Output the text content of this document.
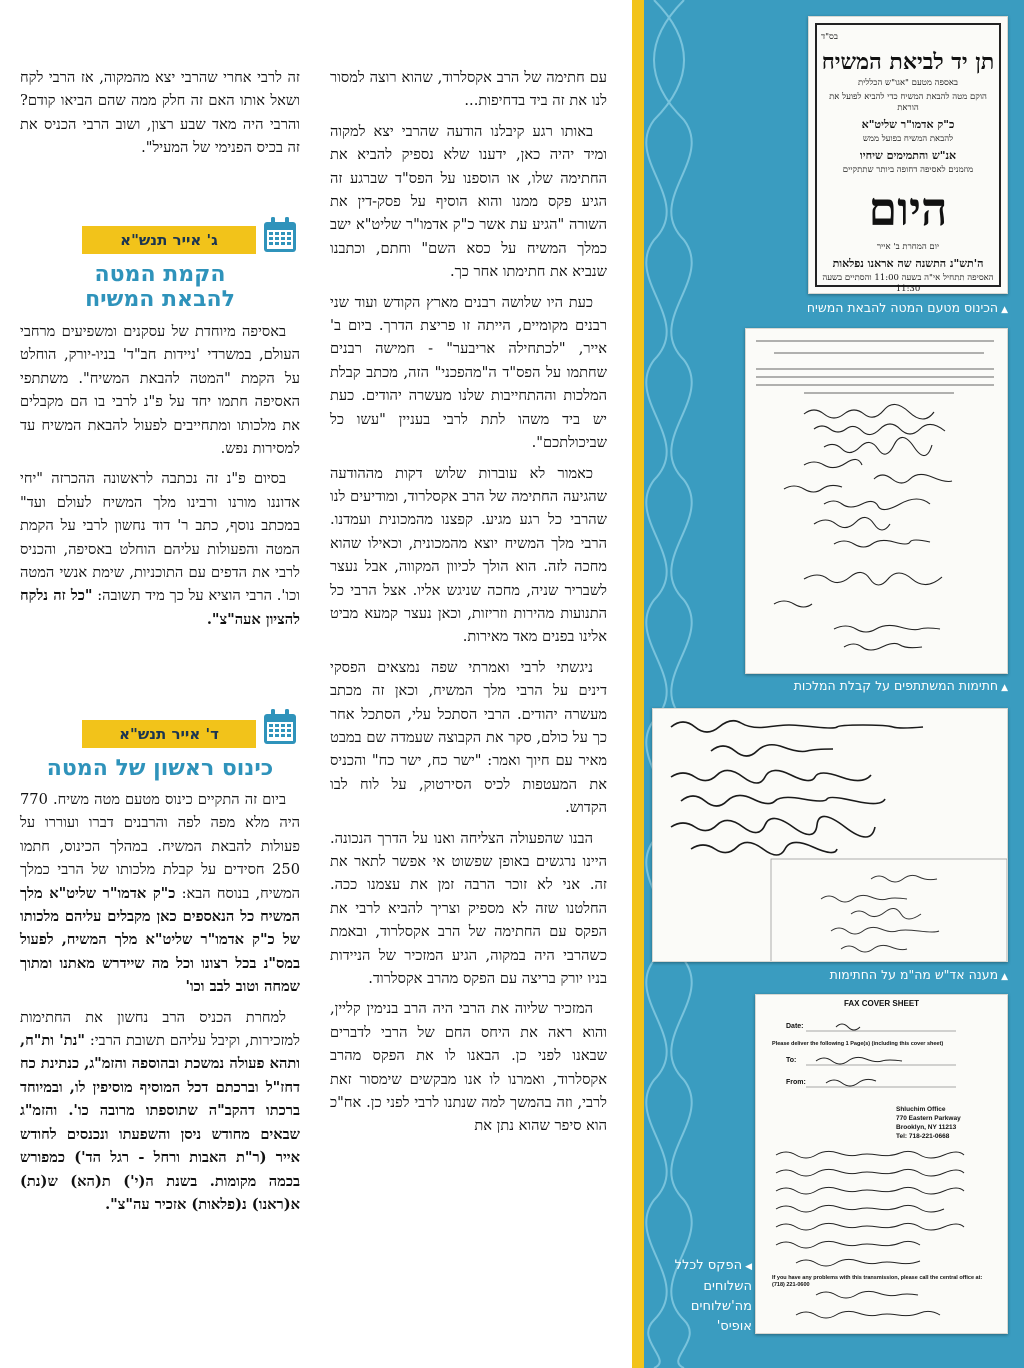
בס"ד
תן יד לביאת המשיח
באספה מטעם "אגו"ש הכללית
הוקם מטה להבאת המשיח כדי להביא לפועל את הוראת
כ"ק אדמו"ר שליט"א
להבאת המשיח בפועל ממש
אנ"ש והתמימים שיחיו
מוזמנים לאסיפה דחופה ביותר שתתקיים
היום
יום המחרת ב' אייר
ה'תש"נ התשנה שה אראנו נפלאות
האסיפה תתחיל אי"ה בשעה 11:00 והסתיים בשעה 11:30
▲הכינוס מטעם המטה להבאת המשיח
▲חתימות המשתתפים על קבלת המלכות
▲מענה אד"ש מה"מ על החתימות
FAX COVER SHEET
Date:
Please deliver the following 1 Page(s) (including this cover sheet)
To:
From:
Shluchim Office
770 Eastern Parkway
Brooklyn, NY 11213
Tel: 718-221-0668
If you have any problems with this transmission, please call the central office at: (718) 221-0600
◀הפקס לכלל השלוחים מה'שלוחים אופיס'

עם חתימה של הרב אקסלרוד, שהוא רוצה למסור לנו את זה ביד בדחיפות...

באותו רגע קיבלנו הודעה שהרבי יצא למקוה ומיד יהיה כאן, ידענו שלא נספיק להביא את החתימה שלו, או הוספנו על הפס"ד שברגע זה הגיע פקס ממנו והוא הוסיף על פסק-דין את השורה "הגיע עת אשר כ"ק אדמו"ר שליט"א ישב כמלך המשיח על כסא השם" וחתם, וכתבנו שנביא את חתימתו אחר כך.

כעת היו שלושה רבנים מארץ הקודש ועוד שני רבנים מקומיים, הייתה זו פריצת הדרך. ביום ב' אייר, "לכתחילה אריבער" - חמישה רבנים שחתמו על הפס"ד ה"מהפכני" הזה, מכתב קבלת המלכות וההתחייבות שלנו מעשרה יהודים. כעת יש ביד משהו לתת לרבי בעניין "עשו כל שביכולתכם".

כאמור לא עוברות שלוש דקות מההודעה שהגיעה החתימה של הרב אקסלרוד, ומודיעים לנו שהרבי כל רגע מגיע. קפצנו מהמכונית ועמדנו. הרבי מלך המשיח יוצא מהמכונית, וכאילו שהוא מחכה לזה. הוא הולך לכיוון המקווה, אבל נעצר לשבריר שניה, מחכה שניגש אליו. אצל הרבי כל התנועות מהירות וזריזות, וכאן נעצר קמעא מביט אלינו בפנים מאד מאירות.

ניגשתי לרבי ואמרתי שפה נמצאים הפסקי דינים על הרבי מלך המשיח, וכאן זה מכתב מעשרה יהודים. הרבי הסתכל עלי, הסתכל אחר כך על כולם, סקר את הקבוצה שעמדה שם במבט מאיר עם חיוך ואמר: "ישר כח, ישר כח" והכניס את המעטפות לכיס הסירטוק, על לוח לבו הקדוש.

הבנו שהפעולה הצליחה ואנו על הדרך הנכונה. היינו נרגשים באופן שפשוט אי אפשר לתאר את זה. אני לא זוכר הרבה זמן את עצמנו ככה. החלטנו שזה לא מספיק וצריך להביא לרבי את הפקס עם החתימה של הרב אקסלרוד, ובאמת כשהרבי היה במקוה, הגיע המזכיר של הניידות בניו יורק בריצה עם הפקס מהרב אקסלרוד.

המזכיר שליוה את הרבי היה הרב בנימין קליין, והוא ראה את היחס החם של הרבי לדברים שבאנו לפני כן. הבאנו לו את הפקס מהרב אקסלרוד, ואמרנו לו אנו מבקשים שימסור זאת לרבי, וזה בהמשך למה שנתנו לרבי לפני כן. אח"כ הוא סיפר שהוא נתן את

זה לרבי אחרי שהרבי יצא מהמקוה, אז הרבי לקח ושאל אותו האם זה חלק ממה שהם הביאו קודם? והרבי היה מאד שבע רצון, ושוב הרבי הכניס את זה בכיס הפנימי של המעיל".

ג' אייר תנש"א
הקמת המטה
להבאת המשיח

באסיפה מיוחדת של עסקנים ומשפיעים מרחבי העולם, במשרדי 'ניידות חב"ד' בניו-יורק, הוחלט על הקמת "המטה להבאת המשיח". משתתפי האסיפה חתמו יחד על פ"נ לרבי בו הם מקבלים את מלכותו ומתחייבים לפעול להבאת המשיח עד למסירות נפש.

בסיום פ"נ זה נכתבה לראשונה ההכרזה "יחי אדוננו מורנו ורבינו מלך המשיח לעולם ועד" במכתב נוסף, כתב ר' דוד נחשון לרבי על הקמת המטה והפעולות עליהם הוחלט באסיפה, והכניס לרבי את הדפים עם התוכניות, שימת אנשי המטה וכו'. הרבי הוציא על כך מיד תשובה: "כל זה נלקח להציון אעה"צ".

ד' אייר תנש"א
כינוס ראשון של המטה

ביום זה התקיים כינוס מטעם מטה משיח. 770 היה מלא מפה לפה והרבנים דברו ועוררו על פעולות להבאת המשיח. במהלך הכינוס, חתמו 250 חסידים על קבלת מלכותו של הרבי כמלך המשיח, בנוסח הבא: כ"ק אדמו"ר שליט"א מלך המשיח כל הנאספים כאן מקבלים עליהם מלכותו של כ"ק אדמו"ר שליט"א מלך המשיח, לפעול במס"נ בכל רצונו וכל מה שיידרש מאתנו ומתוך שמחה וטוב לבב וכו'

למחרת הכניס הרב נחשון את החתימות למזכירות, וקיבל עליהם תשובת הרבי: "נת' ות"ח, ותהא פעולה נמשכת ובהוספה והזמ"ג, כנתינת כח דחז"ל וברכתם דכל המוסיף מוסיפין לו, ובמיוחד ברכתו דהקב"ה שתוספתו מרובה כו'. והזמ"ג שבאים מחודש ניסן והשפעתו ונכנסים לחודש אייר (ר"ת האבות ורחל - רגל הד') כמפורש בכמה מקומות. בשנת ה(י') ת(הא) ש(נת) א(ראנו) נ(פלאות) אזכיר עה"צ".
